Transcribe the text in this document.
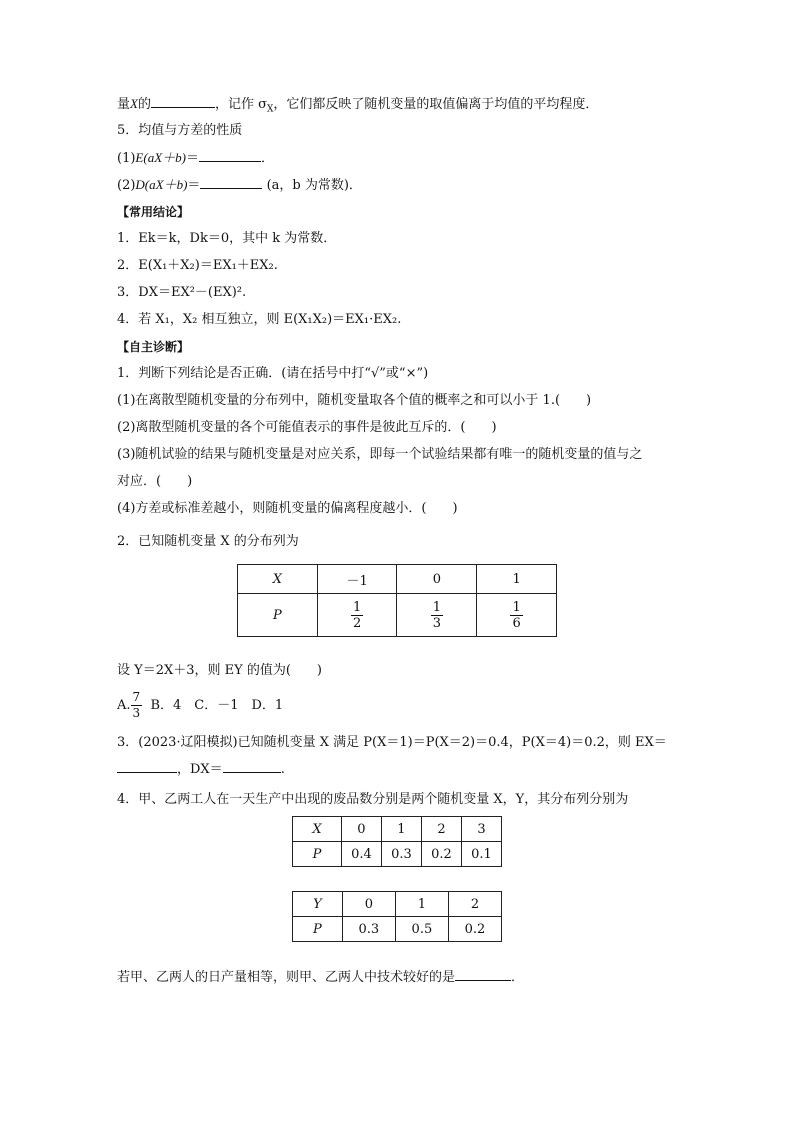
量X的	，记作 $\sigma_X$，它们都反映了随机变量的取值偏离于均值的平均程度．
5．均值与方差的性质
(1)E(aX＋b)＝	．
(2)D(aX＋b)＝	(a，b 为常数)．
【常用结论】
1．Ek＝k，Dk＝0，其中 k 为常数．
2．E(X₁＋X₂)＝EX₁＋EX₂.
3．DX＝EX²－(EX)².
4．若 X₁，X₂ 相互独立，则 E(X₁X₂)＝EX₁·EX₂.
【自主诊断】
1．判断下列结论是否正确．(请在括号中打“√”或“×”)
(1)在离散型随机变量的分布列中，随机变量取各个值的概率之和可以小于 1.(　　)
(2)离散型随机变量的各个可能值表示的事件是彼此互斥的．(　　)
(3)随机试验的结果与随机变量是对应关系，即每一个试验结果都有唯一的随机变量的值与之
对应．(　　)
(4)方差或标准差越小，则随机变量的偏离程度越小．(　　)
2．已知随机变量 X 的分布列为
X	－1	0	1
P	$\frac{1}{2}$	$\frac{1}{3}$	$\frac{1}{6}$
设 Y＝2X＋3，则 EY 的值为(　　)
A. $\frac{7}{3}$ B．4　C．－1　D．1
3．(2023·辽阳模拟)已知随机变量 X 满足 P(X＝1)＝P(X＝2)＝0.4，P(X＝4)＝0.2，则 EX＝
，DX＝	.
4．甲、乙两工人在一天生产中出现的废品数分别是两个随机变量 X，Y，其分布列分别为
X	0	1	2	3
P	0.4	0.3	0.2	0.1
Y	0	1	2
P	0.3	0.5	0.2
若甲、乙两人的日产量相等，则甲、乙两人中技术较好的是	．
